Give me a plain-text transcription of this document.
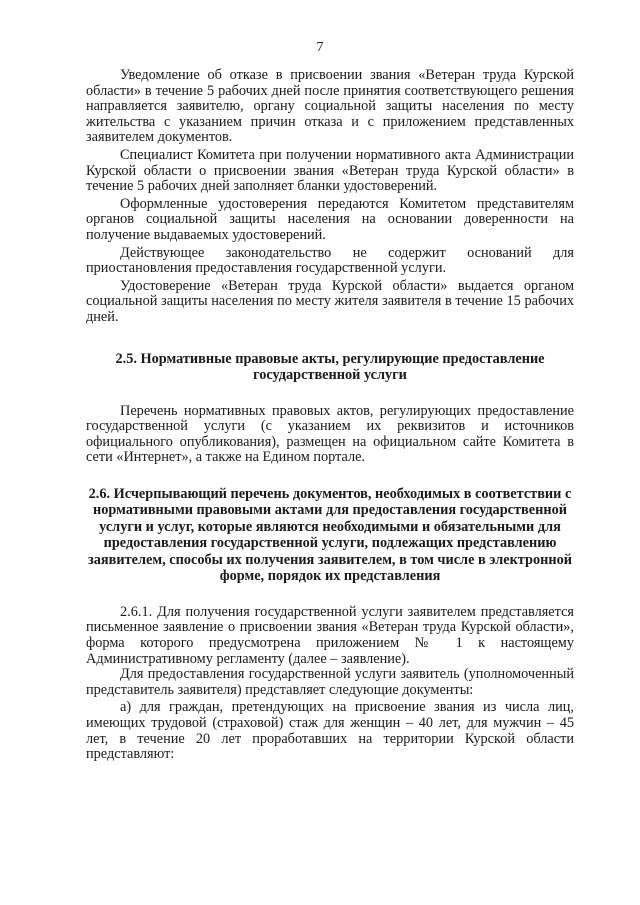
7

Уведомление об отказе в присвоении звания «Ветеран труда Курской области» в течение 5 рабочих дней после принятия соответствующего решения направляется заявителю, органу социальной защиты населения по месту жительства с указанием причин отказа и с приложением представленных заявителем документов.

Специалист Комитета при получении нормативного акта Администрации Курской области о присвоении звания «Ветеран труда Курской области» в течение 5 рабочих дней заполняет бланки удостоверений.

Оформленные удостоверения передаются Комитетом представителям органов социальной защиты населения на основании доверенности на получение выдаваемых удостоверений.

Действующее законодательство не содержит оснований для приостановления предоставления государственной услуги.

Удостоверение «Ветеран труда Курской области» выдается органом социальной защиты населения по месту жителя заявителя в течение 15 рабочих дней.

2.5. Нормативные правовые акты, регулирующие предоставление государственной услуги

Перечень нормативных правовых актов, регулирующих предоставление государственной услуги (с указанием их реквизитов и источников официального опубликования), размещен на официальном сайте Комитета в сети «Интернет», а также на Едином портале.

2.6. Исчерпывающий перечень документов, необходимых в соответствии с нормативными правовыми актами для предоставления государственной услуги и услуг, которые являются необходимыми и обязательными для предоставления государственной услуги, подлежащих представлению заявителем, способы их получения заявителем, в том числе в электронной форме, порядок их представления

2.6.1. Для получения государственной услуги заявителем представляется письменное заявление о присвоении звания «Ветеран труда Курской области», форма которого предусмотрена приложением № 1 к настоящему Административному регламенту (далее – заявление).

Для предоставления государственной услуги заявитель (уполномоченный представитель заявителя) представляет следующие документы:

а) для граждан, претендующих на присвоение звания из числа лиц, имеющих трудовой (страховой) стаж для женщин – 40 лет, для мужчин – 45 лет, в течение 20 лет проработавших на территории Курской области представляют:
